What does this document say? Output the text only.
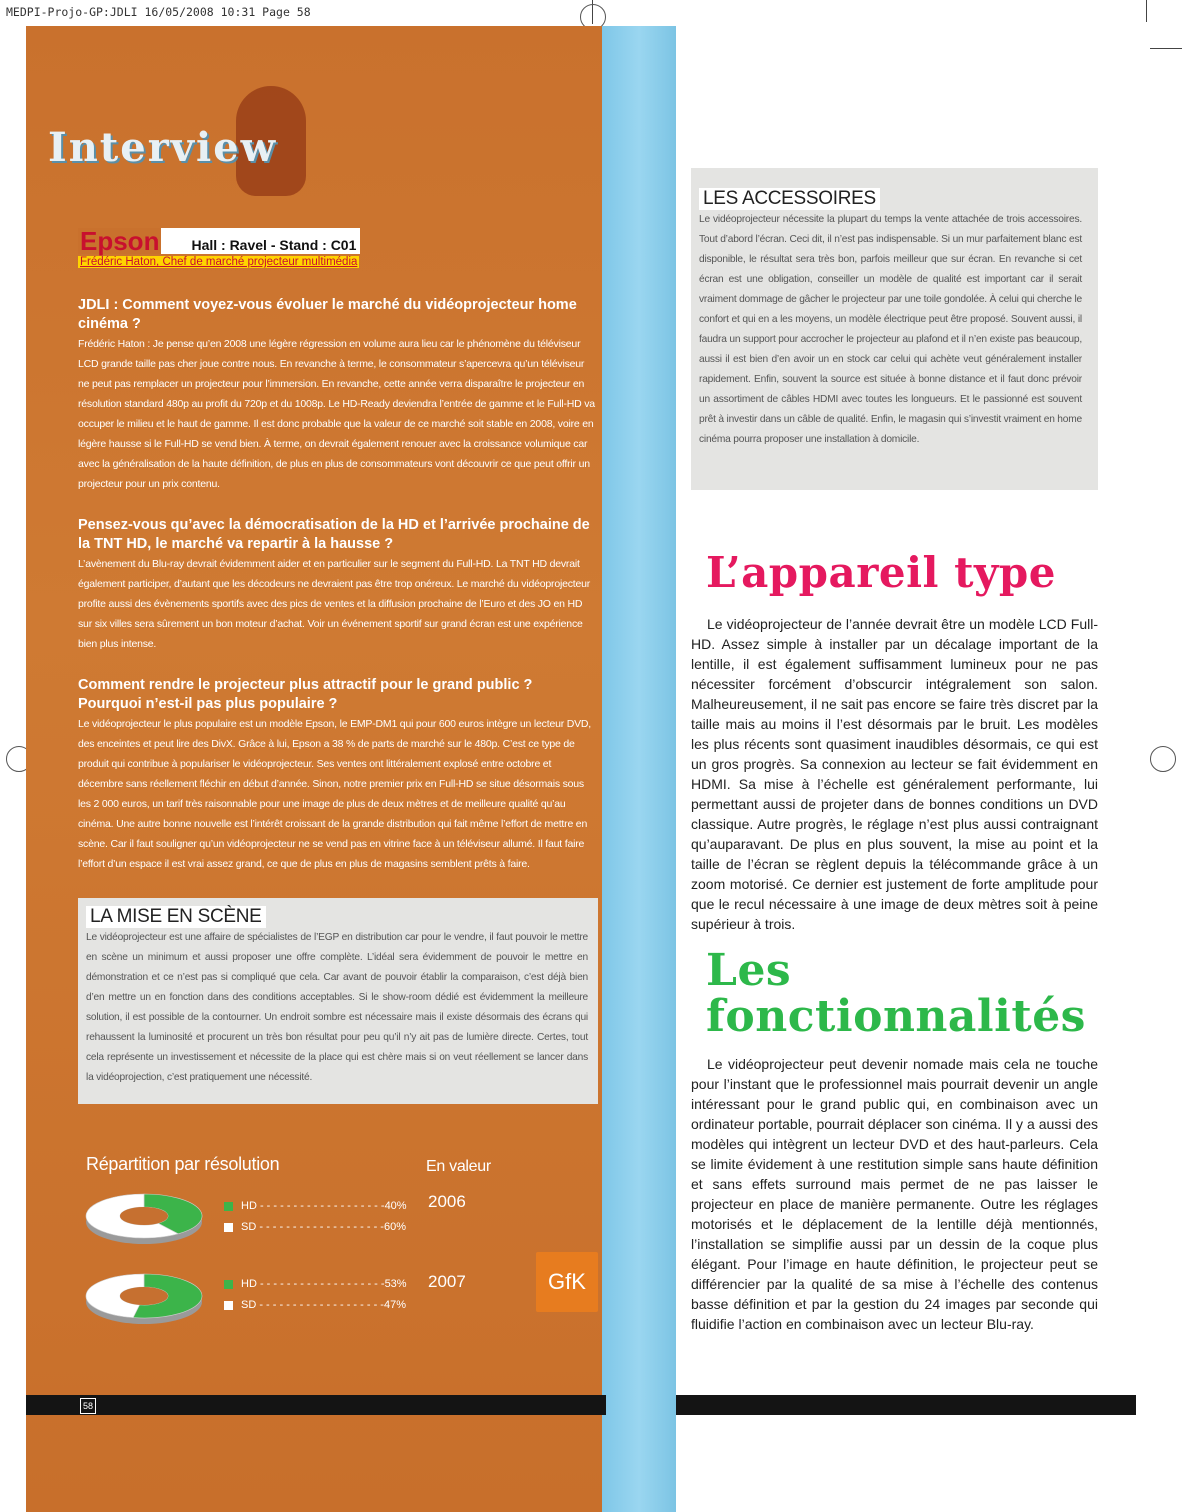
MEDPI-Projo-GP:JDLI 16/05/2008 10:31 Page 58
Interview
Epson Hall : Ravel - Stand : C01
Frédéric Haton, Chef de marché projecteur multimédia
JDLI : Comment voyez-vous évoluer le marché du vidéoprojecteur home cinéma ?
Frédéric Haton : Je pense qu’en 2008 une légère régression en volume aura lieu car le phénomène du téléviseur LCD grande taille pas cher joue contre nous. En revanche à terme, le consommateur s’apercevra qu’un téléviseur ne peut pas remplacer un projecteur pour l’immersion. En revanche, cette année verra disparaître le projecteur en résolution standard 480p au profit du 720p et du 1008p. Le HD-Ready deviendra l’entrée de gamme et le Full-HD va occuper le milieu et le haut de gamme. Il est donc probable que la valeur de ce marché soit stable en 2008, voire en légère hausse si le Full-HD se vend bien. À terme, on devrait également renouer avec la croissance volumique car avec la généralisation de la haute définition, de plus en plus de consommateurs vont découvrir ce que peut offrir un projecteur pour un prix contenu.
Pensez-vous qu’avec la démocratisation de la HD et l’arrivée prochaine de la TNT HD, le marché va repartir à la hausse ?
L’avènement du Blu-ray devrait évidemment aider et en particulier sur le segment du Full-HD. La TNT HD devrait également participer, d’autant que les décodeurs ne devraient pas être trop onéreux. Le marché du vidéoprojecteur profite aussi des évènements sportifs avec des pics de ventes et la diffusion prochaine de l’Euro et des JO en HD sur six villes sera sûrement un bon moteur d’achat. Voir un événement sportif sur grand écran est une expérience bien plus intense.
Comment rendre le projecteur plus attractif pour le grand public ? Pourquoi n’est-il pas plus populaire ?
Le vidéoprojecteur le plus populaire est un modèle Epson, le EMP-DM1 qui pour 600 euros intègre un lecteur DVD, des enceintes et peut lire des DivX. Grâce à lui, Epson a 38 % de parts de marché sur le 480p. C’est ce type de produit qui contribue à populariser le vidéoprojecteur. Ses ventes ont littéralement explosé entre octobre et décembre sans réellement fléchir en début d’année. Sinon, notre premier prix en Full-HD se situe désormais sous les 2 000 euros, un tarif très raisonnable pour une image de plus de deux mètres et de meilleure qualité qu’au cinéma. Une autre bonne nouvelle est l’intérêt croissant de la grande distribution qui fait même l’effort de mettre en scène. Car il faut souligner qu’un vidéoprojecteur ne se vend pas en vitrine face à un téléviseur allumé. Il faut faire l’effort d’un espace il est vrai assez grand, ce que de plus en plus de magasins semblent prêts à faire.
LA MISE EN SCÈNE

Le vidéoprojecteur est une affaire de spécialistes de l’EGP en distribution car pour le vendre, il faut pouvoir le mettre en scène un minimum et aussi proposer une offre complète. L’idéal sera évidemment de pouvoir le mettre en démonstration et ce n’est pas si compliqué que cela. Car avant de pouvoir établir la comparaison, c’est déjà bien d’en mettre un en fonction dans des conditions acceptables. Si le show-room dédié est évidemment la meilleure solution, il est possible de la contourner. Un endroit sombre est nécessaire mais il existe désormais des écrans qui rehaussent la luminosité et procurent un très bon résultat pour peu qu’il n’y ait pas de lumière directe. Certes, tout cela représente un investissement et nécessite de la place qui est chère mais si on veut réellement se lancer dans la vidéoprojection, c’est pratiquement une nécessité.

Répartition par résolution	En valeur
HD - - - - - - - - - - - - - - - - - - -40%
SD - - - - - - - - - - - - - - - - - - -60%
2006
HD - - - - - - - - - - - - - - - - - - -53%
SD - - - - - - - - - - - - - - - - - - -47%
2007	GfK
58
LES ACCESSOIRES

Le vidéoprojecteur nécessite la plupart du temps la vente attachée de trois accessoires. Tout d’abord l’écran. Ceci dit, il n’est pas indispensable. Si un mur parfaitement blanc est disponible, le résultat sera très bon, parfois meilleur que sur écran. En revanche si cet écran est une obligation, conseiller un modèle de qualité est important car il serait vraiment dommage de gâcher le projecteur par une toile gondolée. À celui qui cherche le confort et qui en a les moyens, un modèle électrique peut être proposé. Souvent aussi, il faudra un support pour accrocher le projecteur au plafond et il n’en existe pas beaucoup, aussi il est bien d’en avoir un en stock car celui qui achète veut généralement installer rapidement. Enfin, souvent la source est située à bonne distance et il faut donc prévoir un assortiment de câbles HDMI avec toutes les longueurs. Et le passionné est souvent prêt à investir dans un câble de qualité. Enfin, le magasin qui s’investit vraiment en home cinéma pourra proposer une installation à domicile.

L’appareil type
Le vidéoprojecteur de l’année devrait être un modèle LCD Full-HD. Assez simple à installer par un décalage important de la lentille, il est également suffisamment lumineux pour ne pas nécessiter forcément d’obscurcir intégralement son salon. Malheureusement, il ne sait pas encore se faire très discret par la taille mais au moins il l’est désormais par le bruit. Les modèles les plus récents sont quasiment inaudibles désormais, ce qui est un gros progrès. Sa connexion au lecteur se fait évidemment en HDMI. Sa mise à l’échelle est généralement performante, lui permettant aussi de projeter dans de bonnes conditions un DVD classique. Autre progrès, le réglage n’est plus aussi contraignant qu’auparavant. De plus en plus souvent, la mise au point et la taille de l’écran se règlent depuis la télécommande grâce à un zoom motorisé. Ce dernier est justement de forte amplitude pour que le recul nécessaire à une image de deux mètres soit à peine supérieur à trois.
Les
fonctionnalités
Le vidéoprojecteur peut devenir nomade mais cela ne touche pour l’instant que le professionnel mais pourrait devenir un angle intéressant pour le grand public qui, en combinaison avec un ordinateur portable, pourrait déplacer son cinéma. Il y a aussi des modèles qui intègrent un lecteur DVD et des haut-parleurs. Cela se limite évidement à une restitution simple sans haute définition et sans effets surround mais permet de ne pas laisser le projecteur en place de manière permanente. Outre les réglages motorisés et le déplacement de la lentille déjà mentionnés, l’installation se simplifie aussi par un dessin de la coque plus élégant. Pour l’image en haute définition, le projecteur peut se différencier par la qualité de sa mise à l’échelle des contenus basse définition et par la gestion du 24 images par seconde qui fluidifie l’action en combinaison avec un lecteur Blu-ray.
